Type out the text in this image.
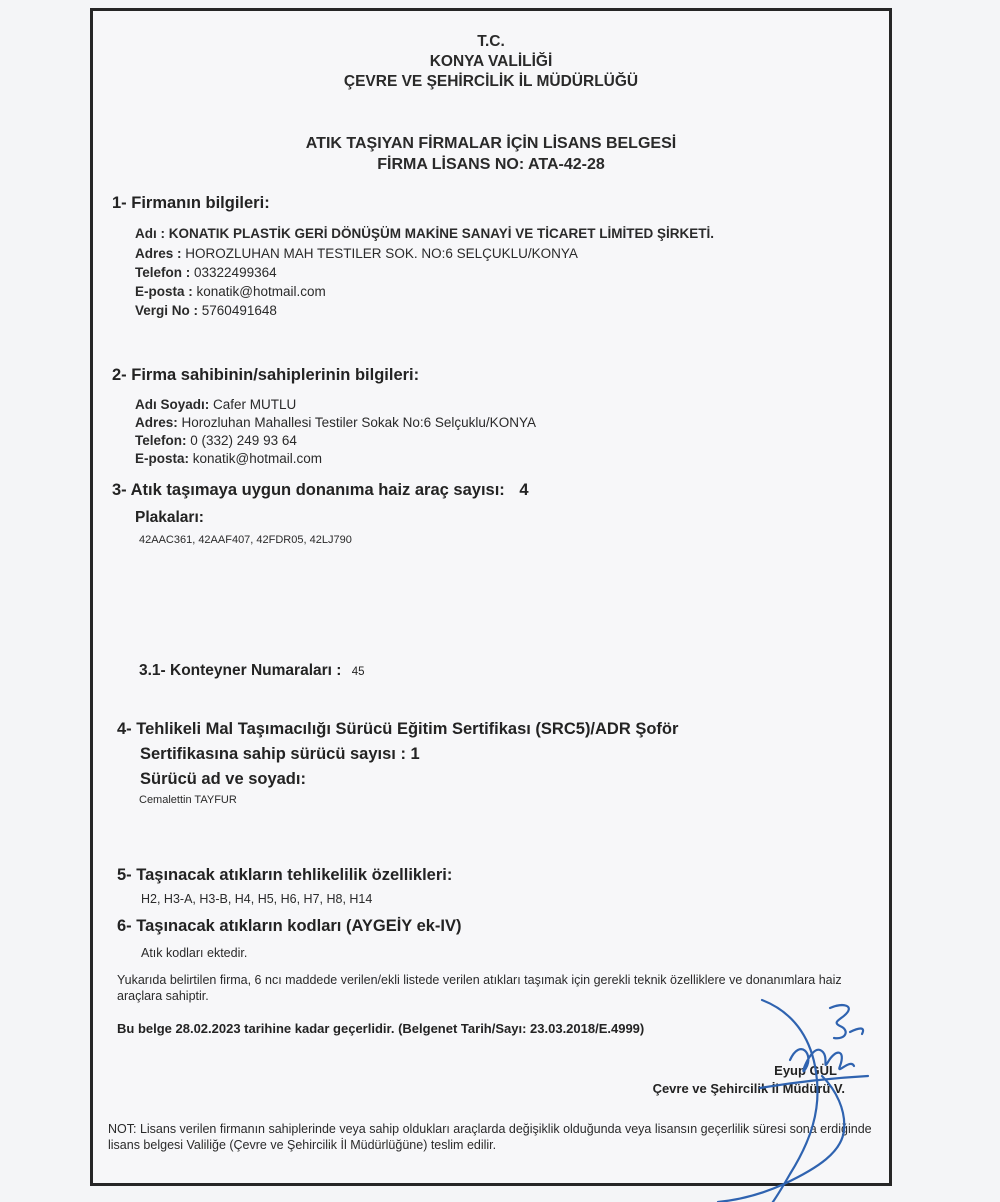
T.C.
KONYA VALİLİĞİ
ÇEVRE VE ŞEHİRCİLİK İL MÜDÜRLÜĞÜ
ATIK TAŞIYAN FİRMALAR İÇİN LİSANS BELGESİ
FİRMA LİSANS NO: ATA-42-28
1- Firmanın bilgileri:
Adı : KONATIK PLASTİK GERİ DÖNÜŞÜM MAKİNE SANAYİ VE TİCARET LİMİTED ŞİRKETİ.
Adres : HOROZLUHAN MAH TESTILER SOK. NO:6 SELÇUKLU/KONYA
Telefon : 03322499364
E-posta : konatik@hotmail.com
Vergi No : 5760491648
2- Firma sahibinin/sahiplerinin bilgileri:
Adı Soyadı: Cafer MUTLU
Adres: Horozluhan Mahallesi Testiler Sokak No:6 Selçuklu/KONYA
Telefon: 0 (332) 249 93 64
E-posta: konatik@hotmail.com
3- Atık taşımaya uygun donanıma haiz araç sayısı: 4
Plakaları:
42AAC361, 42AAF407, 42FDR05, 42LJ790
3.1- Konteyner Numaraları : 45
4- Tehlikeli Mal Taşımacılığı Sürücü Eğitim Sertifikası (SRC5)/ADR Şoför
Sertifikasına sahip sürücü sayısı : 1
Sürücü ad ve soyadı:
Cemalettin TAYFUR
5- Taşınacak atıkların tehlikelilik özellikleri:
H2, H3-A, H3-B, H4, H5, H6, H7, H8, H14
6- Taşınacak atıkların kodları (AYGEİY ek-IV)
Atık kodları ektedir.
Yukarıda belirtilen firma, 6 ncı maddede verilen/ekli listede verilen atıkları taşımak için gerekli teknik özelliklere ve donanımlara haiz araçlara sahiptir.
Bu belge 28.02.2023 tarihine kadar geçerlidir. (Belgenet Tarih/Sayı: 23.03.2018/E.4999)
Eyup GÜL
Çevre ve Şehircilik İl Müdürü V.
NOT: Lisans verilen firmanın sahiplerinde veya sahip oldukları araçlarda değişiklik olduğunda veya lisansın geçerlilik süresi sona erdiğinde lisans belgesi Valiliğe (Çevre ve Şehircilik İl Müdürlüğüne) teslim edilir.
